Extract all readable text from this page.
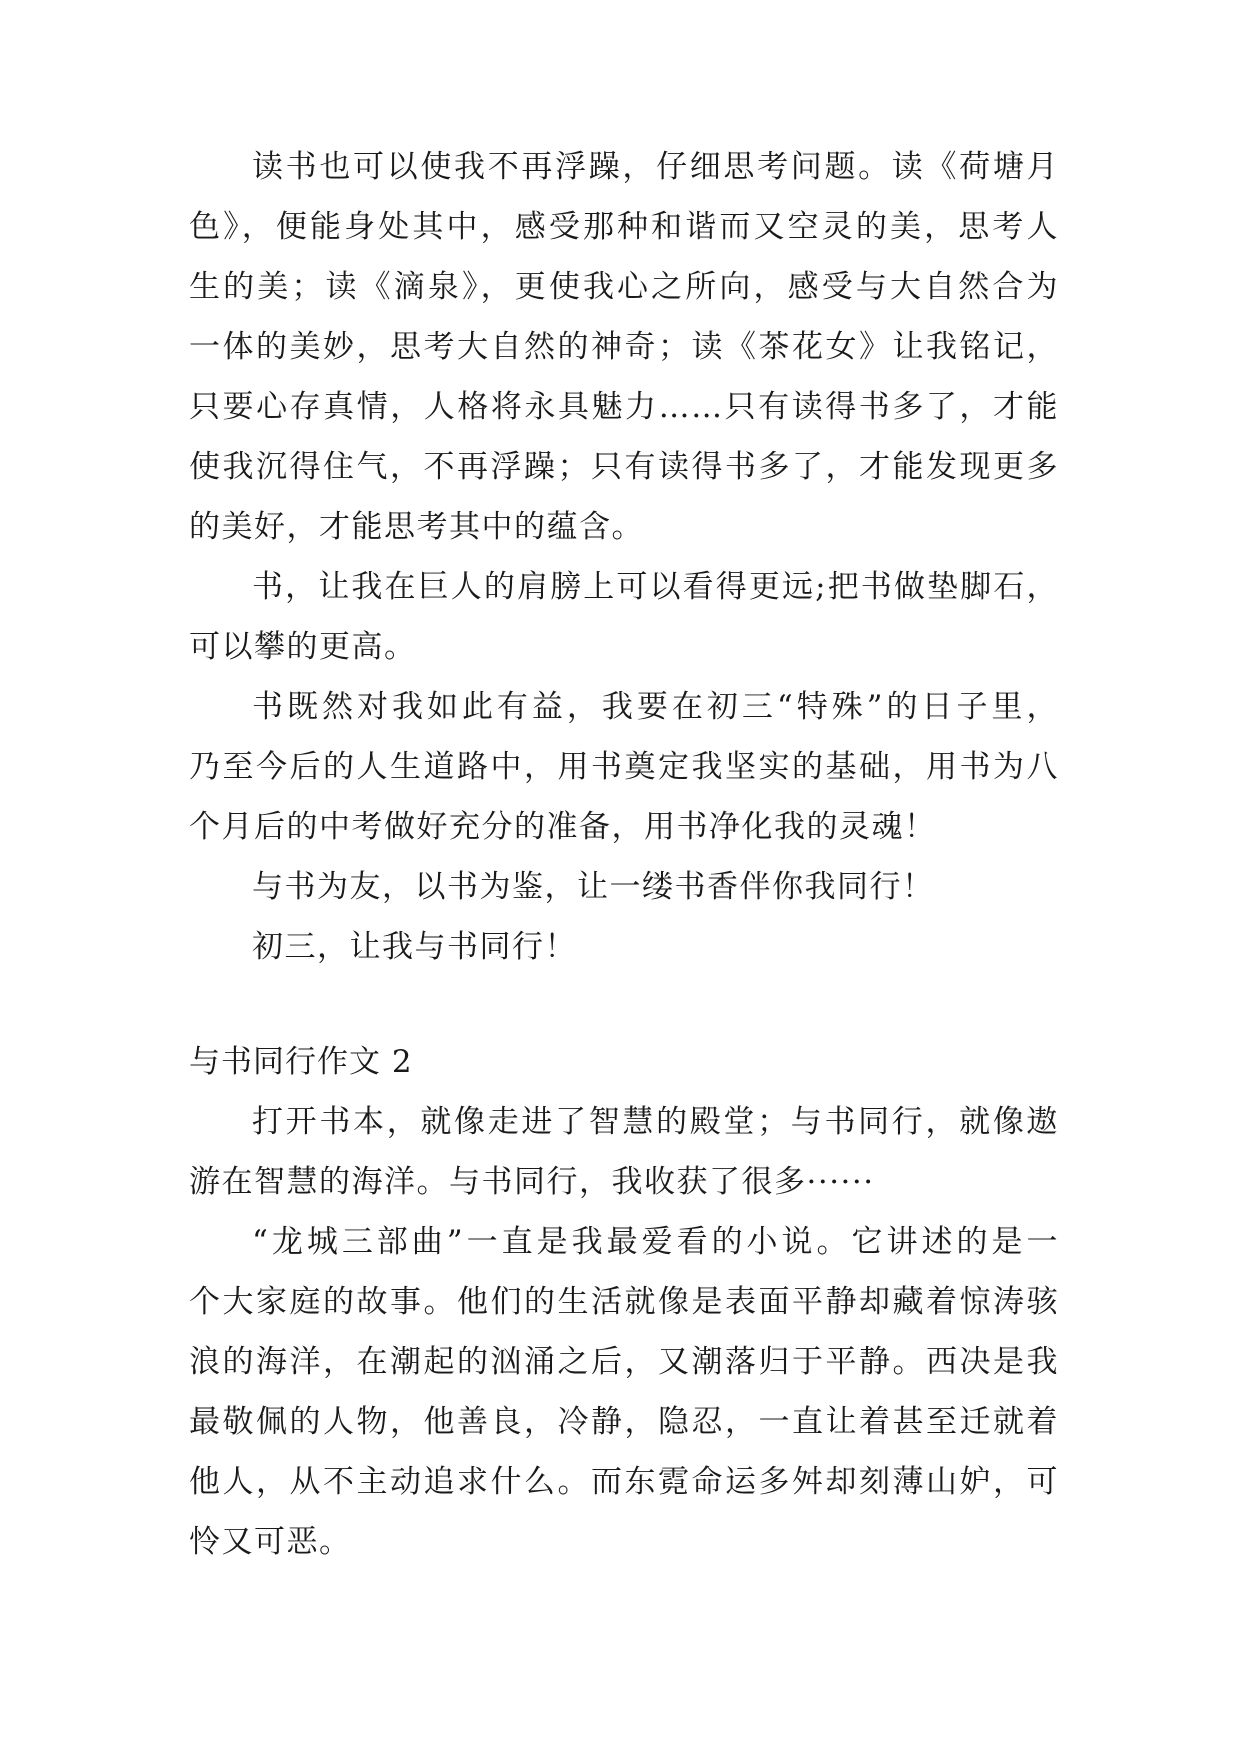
读书也可以使我不再浮躁，仔细思考问题。读《荷塘月
色》，便能身处其中，感受那种和谐而又空灵的美，思考人
生的美；读《滴泉》，更使我心之所向，感受与大自然合为
一体的美妙，思考大自然的神奇；读《茶花女》让我铭记，
只要心存真情，人格将永具魅力……只有读得书多了，才能
使我沉得住气，不再浮躁；只有读得书多了，才能发现更多
的美好，才能思考其中的蕴含。
书，让我在巨人的肩膀上可以看得更远;把书做垫脚石，
可以攀的更高。
书既然对我如此有益，我要在初三“特殊”的日子里，
乃至今后的人生道路中，用书奠定我坚实的基础，用书为八
个月后的中考做好充分的准备，用书净化我的灵魂！
与书为友，以书为鉴，让一缕书香伴你我同行！
初三，让我与书同行！
与书同行作文 2
打开书本，就像走进了智慧的殿堂；与书同行，就像遨
游在智慧的海洋。与书同行，我收获了很多······
“龙城三部曲”一直是我最爱看的小说。它讲述的是一
个大家庭的故事。他们的生活就像是表面平静却藏着惊涛骇
浪的海洋，在潮起的汹涌之后，又潮落归于平静。西决是我
最敬佩的人物，他善良，冷静，隐忍，一直让着甚至迁就着
他人，从不主动追求什么。而东霓命运多舛却刻薄山妒，可
怜又可恶。
